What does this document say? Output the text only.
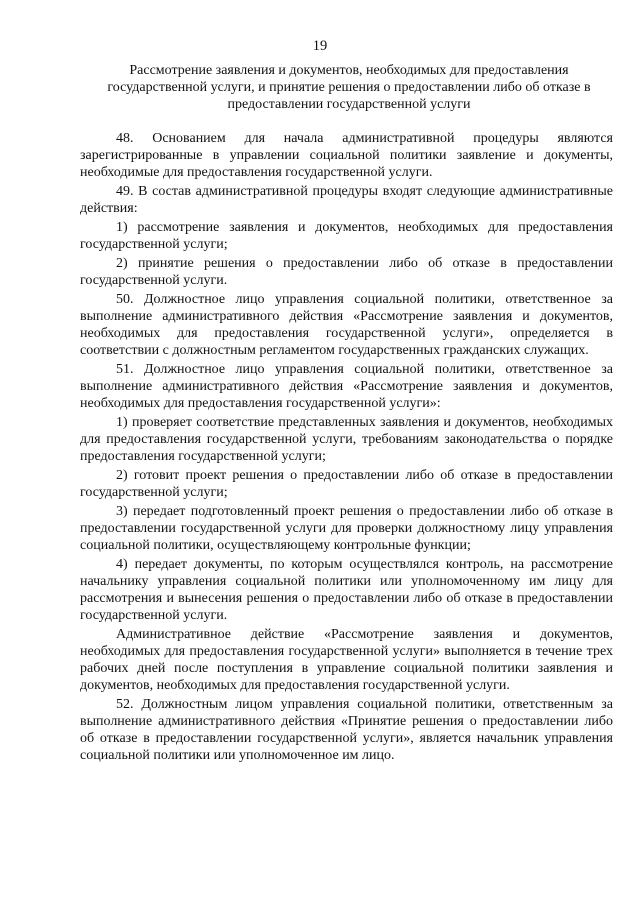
19
Рассмотрение заявления и документов, необходимых для предоставления государственной услуги, и принятие решения о предоставлении либо об отказе в предоставлении государственной услуги

48. Основанием для начала административной процедуры являются зарегистрированные в управлении социальной политики заявление и документы, необходимые для предоставления государственной услуги.

49. В состав административной процедуры входят следующие административные действия:

1) рассмотрение заявления и документов, необходимых для предоставления государственной услуги;

2) принятие решения о предоставлении либо об отказе в предоставлении государственной услуги.

50. Должностное лицо управления социальной политики, ответственное за выполнение административного действия «Рассмотрение заявления и документов, необходимых для предоставления государственной услуги», определяется в соответствии с должностным регламентом государственных гражданских служащих.

51. Должностное лицо управления социальной политики, ответственное за выполнение административного действия «Рассмотрение заявления и документов, необходимых для предоставления государственной услуги»:

1) проверяет соответствие представленных заявления и документов, необходимых для предоставления государственной услуги, требованиям законодательства о порядке предоставления государственной услуги;

2) готовит проект решения о предоставлении либо об отказе в предоставлении государственной услуги;

3) передает подготовленный проект решения о предоставлении либо об отказе в предоставлении государственной услуги для проверки должностному лицу управления социальной политики, осуществляющему контрольные функции;

4) передает документы, по которым осуществлялся контроль, на рассмотрение начальнику управления социальной политики или уполномоченному им лицу для рассмотрения и вынесения решения о предоставлении либо об отказе в предоставлении государственной услуги.

Административное действие «Рассмотрение заявления и документов, необходимых для предоставления государственной услуги» выполняется в течение трех рабочих дней после поступления в управление социальной политики заявления и документов, необходимых для предоставления государственной услуги.

52. Должностным лицом управления социальной политики, ответственным за выполнение административного действия «Принятие решения о предоставлении либо об отказе в предоставлении государственной услуги», является начальник управления социальной политики или уполномоченное им лицо.
